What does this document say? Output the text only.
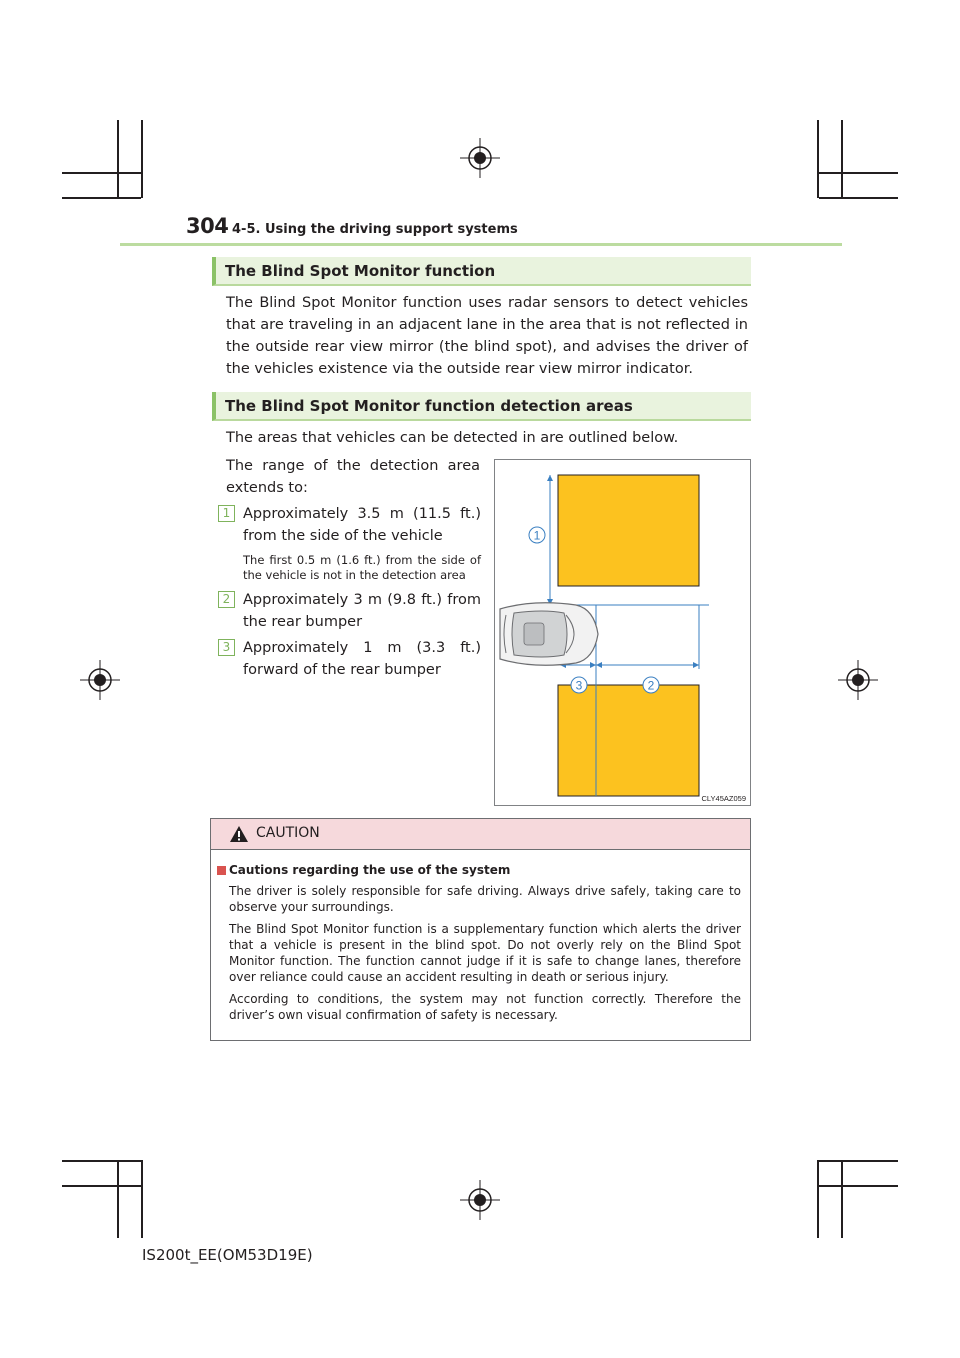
304 4-5. Using the driving support systems
The Blind Spot Monitor function
The Blind Spot Monitor function uses radar sensors to detect vehicles that are traveling in an adjacent lane in the area that is not reflected in the outside rear view mirror (the blind spot), and advises the driver of the vehicles existence via the outside rear view mirror indicator.
The Blind Spot Monitor function detection areas
The areas that vehicles can be detected in are outlined below.
The range of the detection area extends to:
1 Approximately 3.5 m (11.5 ft.) from the side of the vehicle
The first 0.5 m (1.6 ft.) from the side of the vehicle is not in the detection area
2 Approximately 3 m (9.8 ft.) from the rear bumper
3 Approximately 1 m (3.3 ft.) forward of the rear bumper
1
3	2
CLY45AZ059
CAUTION
Cautions regarding the use of the system
The driver is solely responsible for safe driving. Always drive safely, taking care to observe your surroundings.
The Blind Spot Monitor function is a supplementary function which alerts the driver that a vehicle is present in the blind spot. Do not overly rely on the Blind Spot Monitor function. The function cannot judge if it is safe to change lanes, therefore over reliance could cause an accident resulting in death or serious injury.
According to conditions, the system may not function correctly. Therefore the driver’s own visual confirmation of safety is necessary.
IS200t_EE(OM53D19E)
